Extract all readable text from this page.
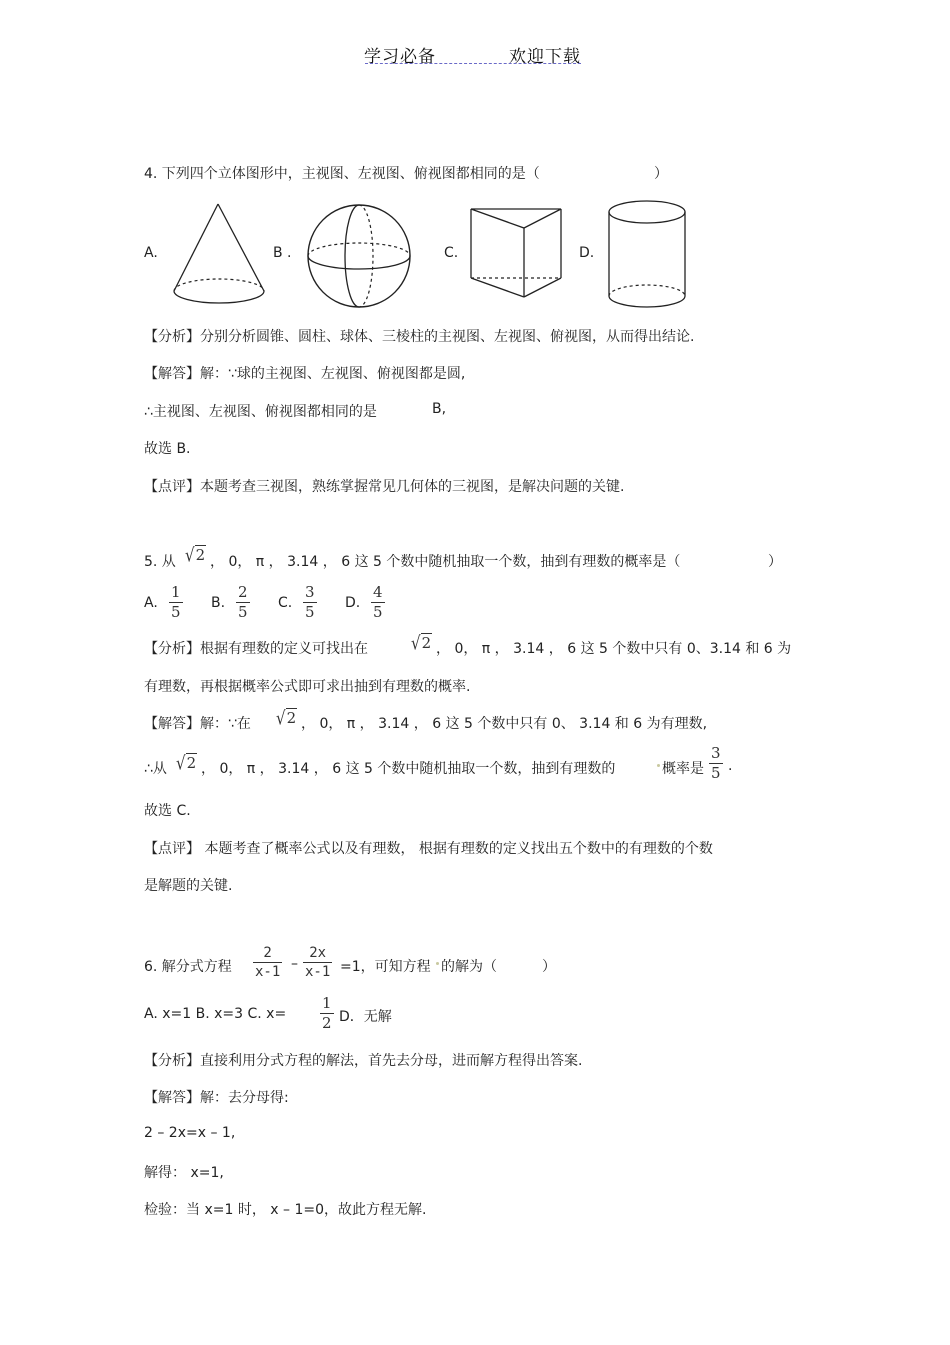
学习必备	欢迎下载
4. 下列四个立体图形中，主视图、左视图、俯视图都相同的是（	）
A.	B .	C.	D.
【分析】分别分析圆锥、圆柱、球体、三棱柱的主视图、左视图、俯视图，从而得出结论.
【解答】解：∵球的主视图、左视图、俯视图都是圆,
∴主视图、左视图、俯视图都相同的是	B,
故选 B.
【点评】本题考查三视图，熟练掌握常见几何体的三视图，是解决问题的关键.
5. 从 √2 ， 0， π ， 3.14 ， 6 这 5 个数中随机抽取一个数，抽到有理数的概率是（	）
A.
1
5 B.
2
5 C.
3
5 D.
4
5
【分析】根据有理数的定义可找出在	√2 ， 0， π ， 3.14 ， 6 这 5 个数中只有 0、3.14 和 6 为
有理数，再根据概率公式即可求出抽到有理数的概率.
【解答】解：∵在 √2 ， 0， π ， 3.14 ， 6 这 5 个数中只有 0、 3.14 和 6 为有理数,
∴从 √2 ， 0， π ， 3.14 ， 6 这 5 个数中随机抽取一个数，抽到有理数的	概率是
3
5 .
故选 C.
【点评】 本题考查了概率公式以及有理数， 根据有理数的定义找出五个数中的有理数的个数
是解题的关键.
6. 解分式方程
2
x-1 –
2x
x-1 =1，可知方程 的解为（	）
A. x=1 B. x=3 C. x=
1
2 D．无解
【分析】直接利用分式方程的解法，首先去分母，进而解方程得出答案.
【解答】解：去分母得:
2 – 2x=x – 1,
解得： x=1,
检验：当 x=1 时， x – 1=0，故此方程无解.
